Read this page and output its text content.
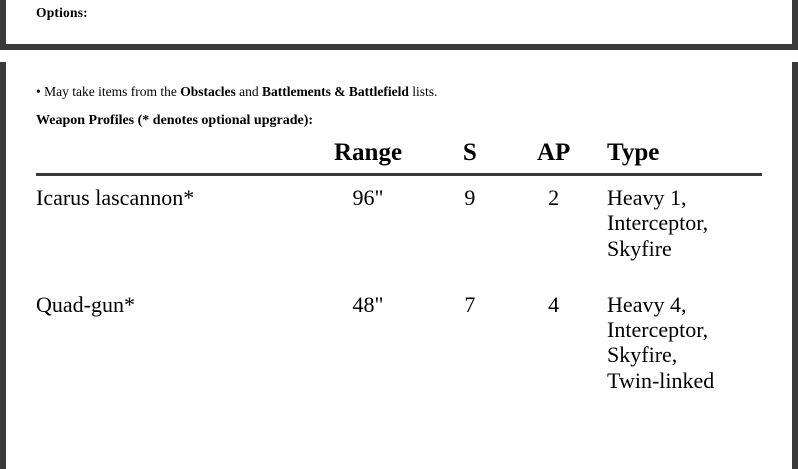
Options:
• May take items from the Obstacles and Battlements & Battlefield lists.
Weapon Profiles (* denotes optional upgrade):
	Range	S	AP	Type
Icarus lascannon*	96"	9	2	Heavy 1,
Interceptor,
Skyfire

Quad-gun*	48"	7	4	Heavy 4,
Interceptor,
Skyfire,
Twin-linked
